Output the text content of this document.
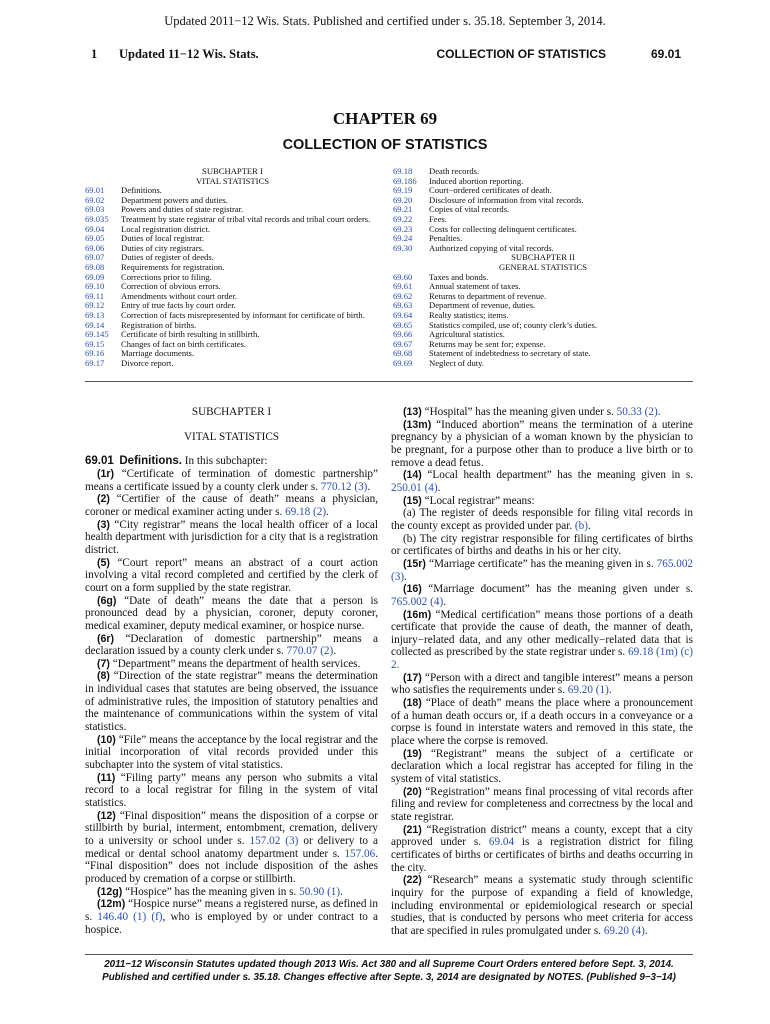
Updated 2011−12 Wis. Stats. Published and certified under s. 35.18. September 3, 2014.
1 Updated 11−12 Wis. Stats.	COLLECTION OF STATISTICS	69.01
CHAPTER 69
COLLECTION OF STATISTICS
SUBCHAPTER I
VITAL STATISTICS
69.01	Definitions.
69.02	Department powers and duties.
69.03	Powers and duties of state registrar.
69.035	Treatment by state registrar of tribal vital records and tribal court orders.
69.04	Local registration district.
69.05	Duties of local registrar.
69.06	Duties of city registrars.
69.07	Duties of register of deeds.
69.08	Requirements for registration.
69.09	Corrections prior to filing.
69.10	Correction of obvious errors.
69.11	Amendments without court order.
69.12	Entry of true facts by court order.
69.13	Correction of facts misrepresented by informant for certificate of birth.
69.14	Registration of births.
69.145	Certificate of birth resulting in stillbirth.
69.15	Changes of fact on birth certificates.
69.16	Marriage documents.
69.17	Divorce report.
69.18	Death records.
69.186	Induced abortion reporting.
69.19	Court−ordered certificates of death.
69.20	Disclosure of information from vital records.
69.21	Copies of vital records.
69.22	Fees.
69.23	Costs for collecting delinquent certificates.
69.24	Penalties.
69.30	Authorized copying of vital records.
SUBCHAPTER II
GENERAL STATISTICS
69.60	Taxes and bonds.
69.61	Annual statement of taxes.
69.62	Returns to department of revenue.
69.63	Department of revenue, duties.
69.64	Realty statistics; items.
69.65	Statistics compiled, use of; county clerk’s duties.
69.66	Agricultural statistics.
69.67	Returns may be sent for; expense.
69.68	Statement of indebtedness to secretary of state.
69.69	Neglect of duty.

SUBCHAPTER I

VITAL STATISTICS

69.01 Definitions. In this subchapter:

(1r) “Certificate of termination of domestic partnership” means a certificate issued by a county clerk under s. 770.12 (3).

(2) “Certifier of the cause of death” means a physician, coroner or medical examiner acting under s. 69.18 (2).

(3) “City registrar” means the local health officer of a local health department with jurisdiction for a city that is a registration district.

(5) “Court report” means an abstract of a court action involving a vital record completed and certified by the clerk of court on a form supplied by the state registrar.

(6g) “Date of death” means the date that a person is pronounced dead by a physician, coroner, deputy coroner, medical examiner, deputy medical examiner, or hospice nurse.

(6r) “Declaration of domestic partnership” means a declaration issued by a county clerk under s. 770.07 (2).

(7) “Department” means the department of health services.

(8) “Direction of the state registrar” means the determination in individual cases that statutes are being observed, the issuance of administrative rules, the imposition of statutory penalties and the maintenance of communications within the system of vital statistics.

(10) “File” means the acceptance by the local registrar and the initial incorporation of vital records provided under this subchapter into the system of vital statistics.

(11) “Filing party” means any person who submits a vital record to a local registrar for filing in the system of vital statistics.

(12) “Final disposition” means the disposition of a corpse or stillbirth by burial, interment, entombment, cremation, delivery to a university or school under s. 157.02 (3) or delivery to a medical or dental school anatomy department under s. 157.06. “Final disposition” does not include disposition of the ashes produced by cremation of a corpse or stillbirth.

(12g) “Hospice” has the meaning given in s. 50.90 (1).

(12m) “Hospice nurse” means a registered nurse, as defined in s. 146.40 (1) (f), who is employed by or under contract to a hospice.

(13) “Hospital” has the meaning given under s. 50.33 (2).

(13m) “Induced abortion” means the termination of a uterine pregnancy by a physician of a woman known by the physician to be pregnant, for a purpose other than to produce a live birth or to remove a dead fetus.

(14) “Local health department” has the meaning given in s. 250.01 (4).

(15) “Local registrar” means:

(a) The register of deeds responsible for filing vital records in the county except as provided under par. (b).

(b) The city registrar responsible for filing certificates of births or certificates of births and deaths in his or her city.

(15r) “Marriage certificate” has the meaning given in s. 765.002 (3).

(16) “Marriage document” has the meaning given under s. 765.002 (4).

(16m) “Medical certification” means those portions of a death certificate that provide the cause of death, the manner of death, injury−related data, and any other medically−related data that is collected as prescribed by the state registrar under s. 69.18 (1m) (c) 2.

(17) “Person with a direct and tangible interest” means a person who satisfies the requirements under s. 69.20 (1).

(18) “Place of death” means the place where a pronouncement of a human death occurs or, if a death occurs in a conveyance or a corpse is found in interstate waters and removed in this state, the place where the corpse is removed.

(19) “Registrant” means the subject of a certificate or declaration which a local registrar has accepted for filing in the system of vital statistics.

(20) “Registration” means final processing of vital records after filing and review for completeness and correctness by the local and state registrar.

(21) “Registration district” means a county, except that a city approved under s. 69.04 is a registration district for filing certificates of births or certificates of births and deaths occurring in the city.

(22) “Research” means a systematic study through scientific inquiry for the purpose of expanding a field of knowledge, including environmental or epidemiological research or special studies, that is conducted by persons who meet criteria for access that are specified in rules promulgated under s. 69.20 (4).

2011−12 Wisconsin Statutes updated though 2013 Wis. Act 380 and all Supreme Court Orders entered before Sept. 3, 2014. Published and certified under s. 35.18. Changes effective after Septe. 3, 2014 are designated by NOTES. (Published 9−3−14)
